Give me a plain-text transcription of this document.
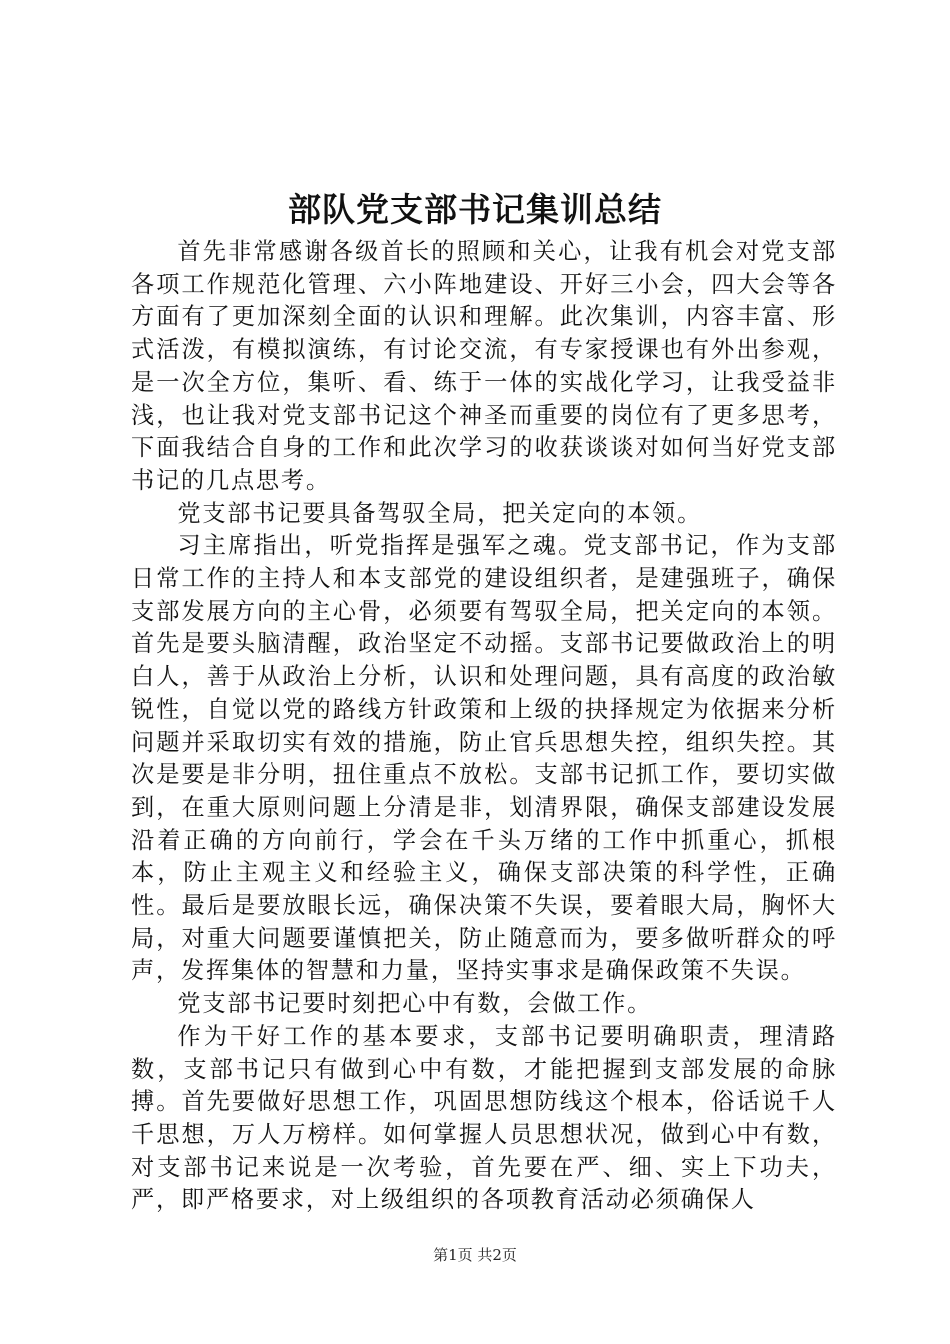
部队党支部书记集训总结

首先非常感谢各级首长的照顾和关心，让我有机会对党支部各项工作规范化管理、六小阵地建设、开好三小会，四大会等各方面有了更加深刻全面的认识和理解。此次集训，内容丰富、形式活泼，有模拟演练，有讨论交流，有专家授课也有外出参观，是一次全方位，集听、看、练于一体的实战化学习，让我受益非浅，也让我对党支部书记这个神圣而重要的岗位有了更多思考，下面我结合自身的工作和此次学习的收获谈谈对如何当好党支部书记的几点思考。

党支部书记要具备驾驭全局，把关定向的本领。

习主席指出，听党指挥是强军之魂。党支部书记，作为支部日常工作的主持人和本支部党的建设组织者，是建强班子，确保支部发展方向的主心骨，必须要有驾驭全局，把关定向的本领。首先是要头脑清醒，政治坚定不动摇。支部书记要做政治上的明白人，善于从政治上分析，认识和处理问题，具有高度的政治敏锐性，自觉以党的路线方针政策和上级的抉择规定为依据来分析问题并采取切实有效的措施，防止官兵思想失控，组织失控。其次是要是非分明，扭住重点不放松。支部书记抓工作，要切实做到，在重大原则问题上分清是非，划清界限，确保支部建设发展沿着正确的方向前行，学会在千头万绪的工作中抓重心，抓根本，防止主观主义和经验主义，确保支部决策的科学性，正确性。最后是要放眼长远，确保决策不失误，要着眼大局，胸怀大局，对重大问题要谨慎把关，防止随意而为，要多做听群众的呼声，发挥集体的智慧和力量，坚持实事求是确保政策不失误。

党支部书记要时刻把心中有数，会做工作。

作为干好工作的基本要求，支部书记要明确职责，理清路数，支部书记只有做到心中有数，才能把握到支部发展的命脉搏。首先要做好思想工作，巩固思想防线这个根本，俗话说千人千思想，万人万榜样。如何掌握人员思想状况，做到心中有数，对支部书记来说是一次考验，首先要在严、细、实上下功夫，严，即严格要求，对上级组织的各项教育活动必须确保人

第1页 共2页
